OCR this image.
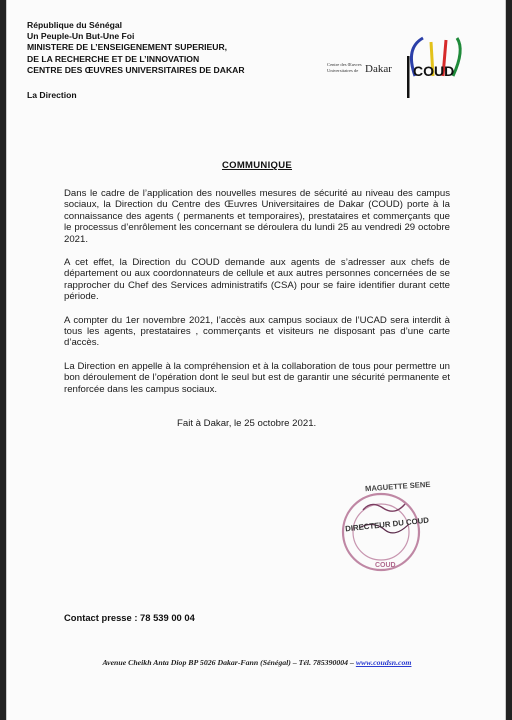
République du Sénégal
Un Peuple-Un But-Une Foi
MINISTERE DE L’ENSEIGENEMENT SUPERIEUR,
DE LA RECHERCHE ET DE L’INNOVATION
CENTRE DES ŒUVRES UNIVERSITAIRES DE DAKAR
La Direction
Centre des Œuvres
Universitaires de Dakar COUD
COMMUNIQUE

Dans le cadre de l’application des nouvelles mesures de sécurité au niveau des campus sociaux, la Direction du Centre des Œuvres Universitaires de Dakar (COUD) porte à la connaissance des agents ( permanents et temporaires), prestataires et commerçants que le processus d’enrôlement les concernant se déroulera du lundi 25 au vendredi 29 octobre 2021.

A cet effet, la Direction du COUD demande aux agents de s’adresser aux chefs de département ou aux coordonnateurs de cellule et aux autres personnes concernées de se rapprocher du Chef des Services administratifs (CSA) pour se faire identifier durant cette période.

A compter du 1er novembre 2021, l’accès aux campus sociaux de l’UCAD sera interdit à tous les agents, prestataires , commerçants et visiteurs ne disposant pas d’une carte d’accès.

La Direction en appelle à la compréhension et à la collaboration de tous pour permettre un bon déroulement de l’opération dont le seul but est de garantir une sécurité permanente et renforcée dans les campus sociaux.

Fait à Dakar, le 25 octobre 2021.
COUD
MAGUETTE SENE
DIRECTEUR DU COUD
Contact presse : 78 539 00 04
Avenue Cheikh Anta Diop BP 5026 Dakar-Fann (Sénégal) – Tél. 785390004 – www.coudsn.com
